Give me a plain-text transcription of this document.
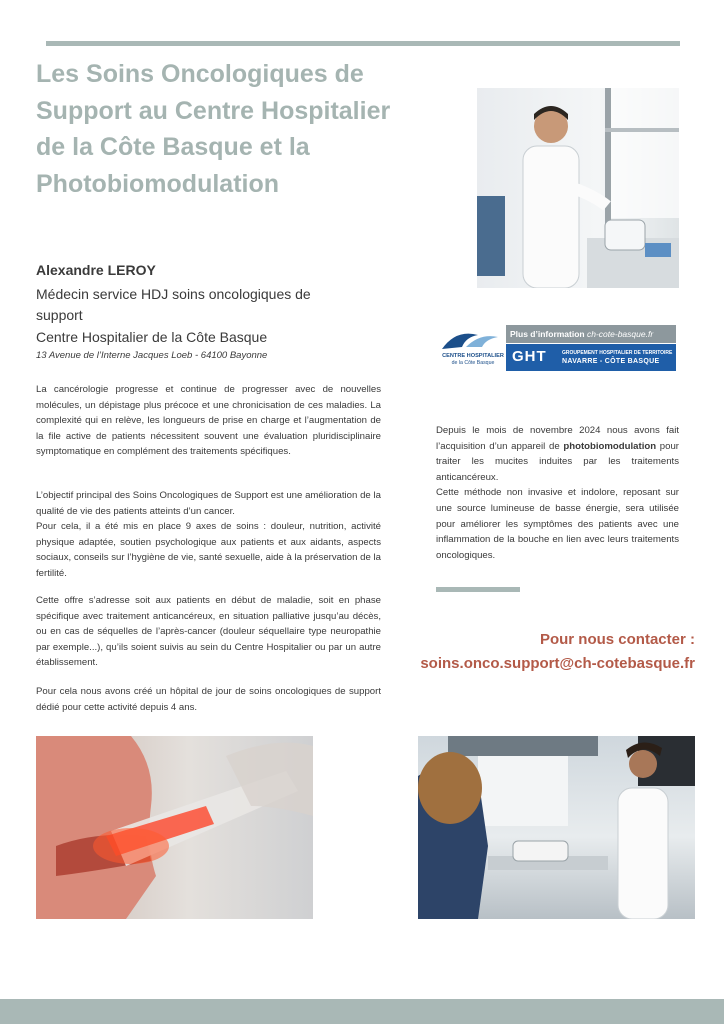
Les Soins Oncologiques de Support au Centre Hospitalier de la Côte Basque et la Photobiomodulation
Alexandre LEROY
Médecin service HDJ soins oncologiques de
support
Centre Hospitalier de la Côte Basque
13 Avenue de l’Interne Jacques Loeb - 64100 Bayonne

La cancérologie progresse et continue de progresser avec de nouvelles molécules, un dépistage plus précoce et une chronicisation de ces maladies. La complexité qui en relève, les longueurs de prise en charge et l’augmentation de la file active de patients nécessitent souvent une évaluation pluridisciplinaire symptomatique en complément des traitements spécifiques.

L’objectif principal des Soins Oncologiques de Support est une amélioration de la qualité de vie des patients atteints d’un cancer.

Pour cela, il a été mis en place 9 axes de soins : douleur, nutrition, activité physique adaptée, soutien psychologique aux patients et aux aidants, aspects sociaux, conseils sur l’hygiène de vie, santé sexuelle, aide à la préservation de la fertilité.

Cette offre s’adresse soit aux patients en début de maladie, soit en phase spécifique avec traitement anticancéreux, en situation palliative jusqu’au décès, ou en cas de séquelles de l’après-cancer (douleur séquellaire type neuropathie par exemple...), qu’ils soient suivis au sein du Centre Hospitalier ou par un autre établissement.

Pour cela nous avons créé un hôpital de jour de soins oncologiques de support dédié pour cette activité depuis 4 ans.

CENTRE HOSPITALIER
de la Côte Basque
Plus d’information ch-cote-basque.fr
GHT	GROUPEMENT HOSPITALIER DE TERRITOIRE
NAVARRE - CÔTE BASQUE

Depuis le mois de novembre 2024 nous avons fait l’acquisition d’un appareil de photobiomodulation pour traiter les mucites induites par les traitements anticancéreux.

Cette méthode non invasive et indolore, reposant sur une source lumineuse de basse énergie, sera utilisée pour améliorer les symptômes des patients avec une inflammation de la bouche en lien avec leurs traitements oncologiques.

Pour nous contacter :
soins.onco.support@ch-cotebasque.fr
